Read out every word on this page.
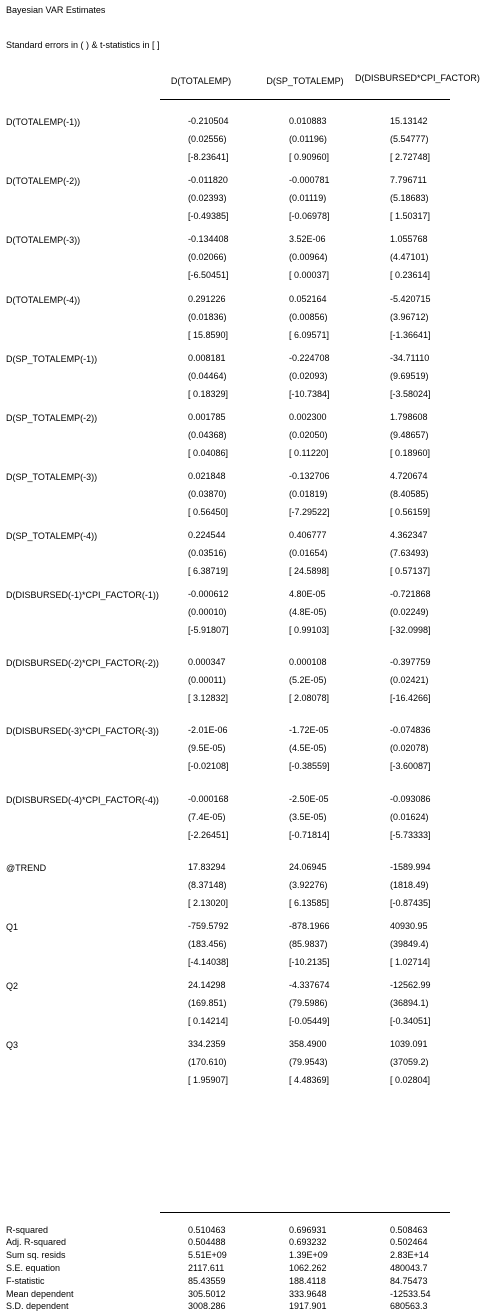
Bayesian VAR Estimates
Standard errors in ( ) & t-statistics in [ ]
D(TOTALEMP)	D(SP_TOTALEMP)	D(DISBURSED*CPI_FACTOR)
D(TOTALEMP(-1))	-0.210504	0.010883	15.13142
(0.02556)	(0.01196)	(5.54777)
[-8.23641]	[ 0.90960]	[ 2.72748]
D(TOTALEMP(-2))	-0.011820	-0.000781	7.796711
(0.02393)	(0.01119)	(5.18683)
[-0.49385]	[-0.06978]	[ 1.50317]
D(TOTALEMP(-3))	-0.134408	3.52E-06	1.055768
(0.02066)	(0.00964)	(4.47101)
[-6.50451]	[ 0.00037]	[ 0.23614]
D(TOTALEMP(-4))	0.291226	0.052164	-5.420715
(0.01836)	(0.00856)	(3.96712)
[ 15.8590]	[ 6.09571]	[-1.36641]
D(SP_TOTALEMP(-1))	0.008181	-0.224708	-34.71110
(0.04464)	(0.02093)	(9.69519)
[ 0.18329]	[-10.7384]	[-3.58024]
D(SP_TOTALEMP(-2))	0.001785	0.002300	1.798608
(0.04368)	(0.02050)	(9.48657)
[ 0.04086]	[ 0.11220]	[ 0.18960]
D(SP_TOTALEMP(-3))	0.021848	-0.132706	4.720674
(0.03870)	(0.01819)	(8.40585)
[ 0.56450]	[-7.29522]	[ 0.56159]
D(SP_TOTALEMP(-4))	0.224544	0.406777	4.362347
(0.03516)	(0.01654)	(7.63493)
[ 6.38719]	[ 24.5898]	[ 0.57137]
D(DISBURSED(-1)*CPI_FACTOR(-1))	-0.000612	4.80E-05	-0.721868
(0.00010)	(4.8E-05)	(0.02249)
[-5.91807]	[ 0.99103]	[-32.0998]
D(DISBURSED(-2)*CPI_FACTOR(-2))	0.000347	0.000108	-0.397759
(0.00011)	(5.2E-05)	(0.02421)
[ 3.12832]	[ 2.08078]	[-16.4266]
D(DISBURSED(-3)*CPI_FACTOR(-3))	-2.01E-06	-1.72E-05	-0.074836
(9.5E-05)	(4.5E-05)	(0.02078)
[-0.02108]	[-0.38559]	[-3.60087]
D(DISBURSED(-4)*CPI_FACTOR(-4))	-0.000168	-2.50E-05	-0.093086
(7.4E-05)	(3.5E-05)	(0.01624)
[-2.26451]	[-0.71814]	[-5.73333]
@TREND	17.83294	24.06945	-1589.994
(8.37148)	(3.92276)	(1818.49)
[ 2.13020]	[ 6.13585]	[-0.87435]
Q1	-759.5792	-878.1966	40930.95
(183.456)	(85.9837)	(39849.4)
[-4.14038]	[-10.2135]	[ 1.02714]
Q2	24.14298	-4.337674	-12562.99
(169.851)	(79.5986)	(36894.1)
[ 0.14214]	[-0.05449]	[-0.34051]
Q3	334.2359	358.4900	1039.091
(170.610)	(79.9543)	(37059.2)
[ 1.95907]	[ 4.48369]	[ 0.02804]
R-squared	0.510463	0.696931	0.508463
Adj. R-squared	0.504488	0.693232	0.502464
Sum sq. resids	5.51E+09	1.39E+09	2.83E+14
S.E. equation	2117.611	1062.262	480043.7
F-statistic	85.43559	188.4118	84.75473
Mean dependent	305.5012	333.9648	-12533.54
S.D. dependent	3008.286	1917.901	680563.3
